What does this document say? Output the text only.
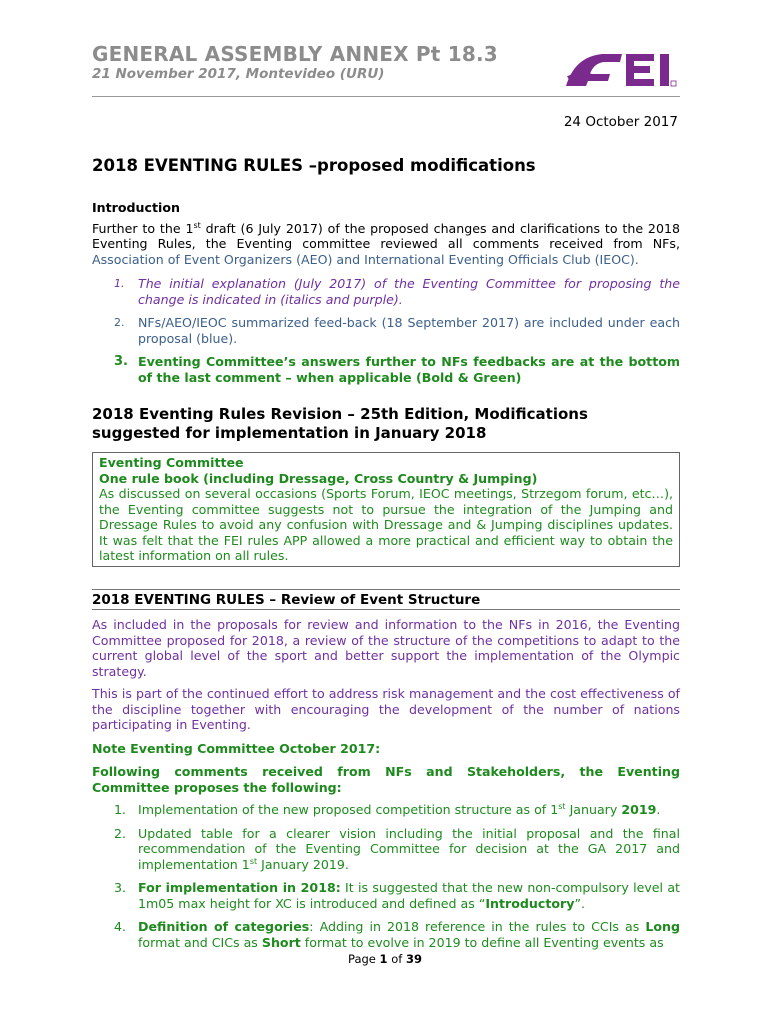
GENERAL ASSEMBLY ANNEX Pt 18.3
21 November 2017, Montevideo (URU)
24 October 2017
2018 EVENTING RULES –proposed modifications
Introduction

Further to the 1st draft (6 July 2017) of the proposed changes and clarifications to the 2018 Eventing Rules, the Eventing committee reviewed all comments received from NFs, Association of Event Organizers (AEO) and International Eventing Officials Club (IEOC).

1. The initial explanation (July 2017) of the Eventing Committee for proposing the change is indicated in (italics and purple).
2. NFs/AEO/IEOC summarized feed-back (18 September 2017) are included under each proposal (blue).
3. Eventing Committee’s answers further to NFs feedbacks are at the bottom of the last comment – when applicable (Bold & Green)
2018 Eventing Rules Revision – 25th Edition, Modifications suggested for implementation in January 2018
Eventing Committee
One rule book (including Dressage, Cross Country & Jumping)

As discussed on several occasions (Sports Forum, IEOC meetings, Strzegom forum, etc…), the Eventing committee suggests not to pursue the integration of the Jumping and Dressage Rules to avoid any confusion with Dressage and & Jumping disciplines updates. It was felt that the FEI rules APP allowed a more practical and efficient way to obtain the latest information on all rules.

2018 EVENTING RULES – Review of Event Structure

As included in the proposals for review and information to the NFs in 2016, the Eventing Committee proposed for 2018, a review of the structure of the competitions to adapt to the current global level of the sport and better support the implementation of the Olympic strategy.

This is part of the continued effort to address risk management and the cost effectiveness of the discipline together with encouraging the development of the number of nations participating in Eventing.

Note Eventing Committee October 2017:

Following comments received from NFs and Stakeholders, the Eventing Committee proposes the following:

1. Implementation of the new proposed competition structure as of 1st January 2019.
2. Updated table for a clearer vision including the initial proposal and the final recommendation of the Eventing Committee for decision at the GA 2017 and implementation 1st January 2019.
3. For implementation in 2018: It is suggested that the new non-compulsory level at 1m05 max height for XC is introduced and defined as “Introductory”.
4. Definition of categories: Adding in 2018 reference in the rules to CCIs as Long format and CICs as Short format to evolve in 2019 to define all Eventing events as
Page 1 of 39
